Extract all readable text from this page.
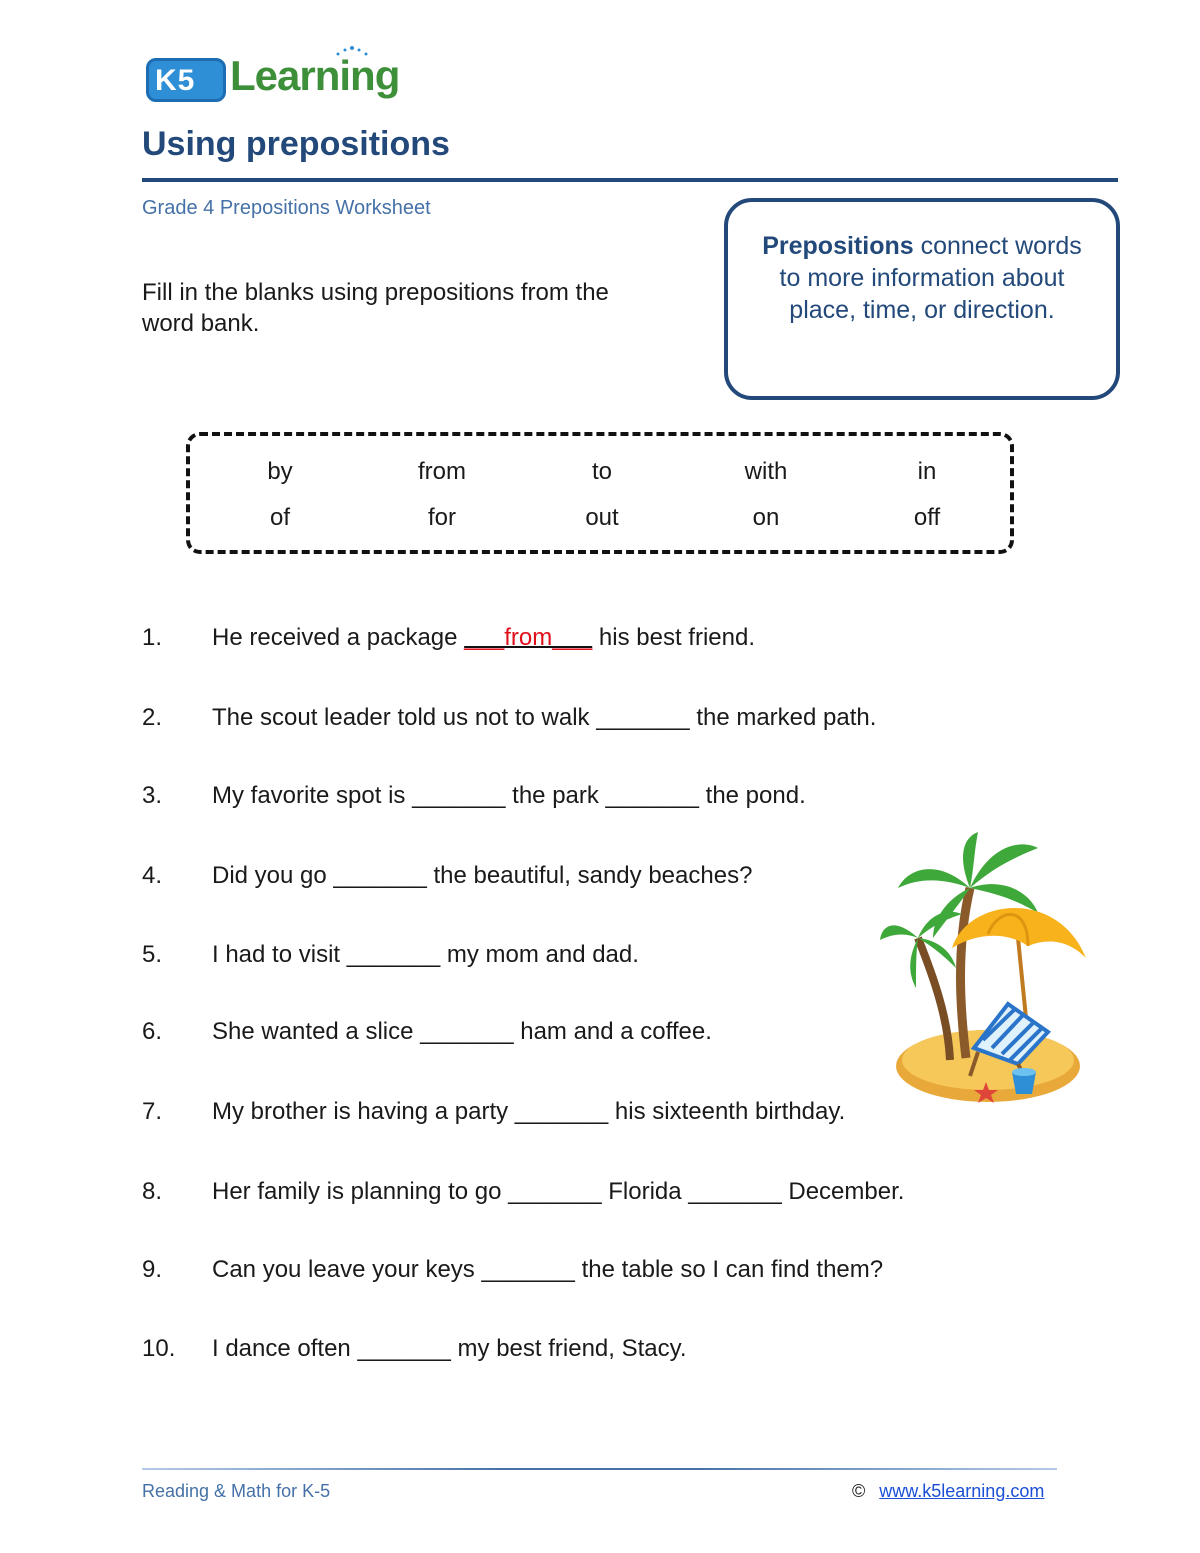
K5 Learning
Using prepositions
Grade 4 Prepositions Worksheet
Fill in the blanks using prepositions from the word bank.
Prepositions connect words to more information about place, time, or direction.
by	from	to	with	in
of	for	out	on	off
1.	He received a package ___from___ his best friend.
2.	The scout leader told us not to walk _______ the marked path.
3.	My favorite spot is _______ the park _______ the pond.
4.	Did you go _______ the beautiful, sandy beaches?
5.	I had to visit _______ my mom and dad.
6.	She wanted a slice _______ ham and a coffee.
7.	My brother is having a party _______ his sixteenth birthday.
8.	Her family is planning to go _______ Florida _______ December.
9.	Can you leave your keys _______ the table so I can find them?
10.	I dance often _______ my best friend, Stacy.
Reading & Math for K-5	© www.k5learning.com
